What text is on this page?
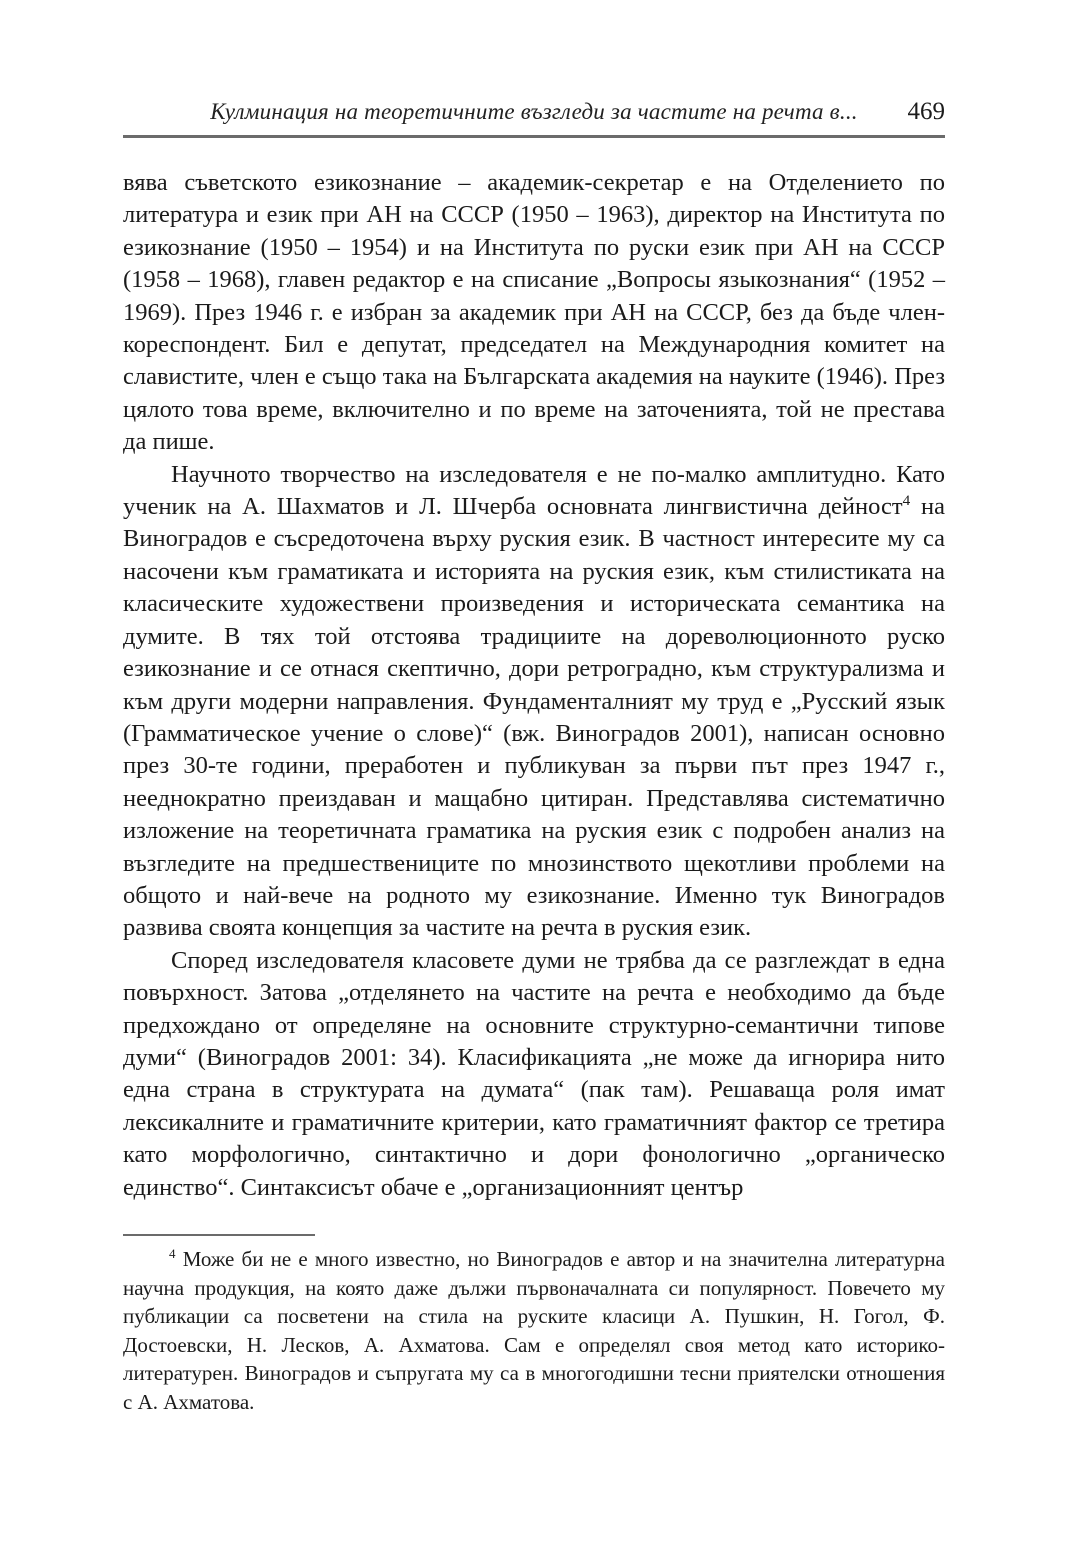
Кулминация на теоретичните възгледи за частите на речта в...	469

вява съветското езикознание – академик-секретар е на Отделението по литература и език при АН на СССР (1950 – 1963), директор на Института по езикознание (1950 – 1954) и на Института по руски език при АН на СССР (1958 – 1968), главен редактор е на списание „Вопросы языкознания“ (1952 – 1969). През 1946 г. е избран за академик при АН на СССР, без да бъде член-кореспондент. Бил е депутат, председател на Международния комитет на славистите, член е също така на Българската академия на науките (1946). През цялото това време, включително и по време на заточенията, той не престава да пише.

Научното творчество на изследователя е не по-малко амплитудно. Като ученик на А. Шахматов и Л. Шчерба основната лингвистична дейност$^4$ на Виноградов е съсредоточена върху руския език. В частност интересите му са насочени към граматиката и историята на руския език, към стилистиката на класическите художествени произведения и историческата семантика на думите. В тях той отстоява традициите на дореволюционното руско езикознание и се отнася скептично, дори ретроградно, към структурализма и към други модерни направления. Фундаменталният му труд е „Русский язык (Грамматическое учение о слове)“ (вж. Виноградов 2001), написан основно през 30-те години, преработен и публикуван за първи път през 1947 г., нееднократно преиздаван и мащабно цитиран. Представлява систематично изложение на теоретичната граматика на руския език с подробен анализ на възгледите на предшествениците по мнозинството щекотливи проблеми на общото и най-вече на родното му езикознание. Именно тук Виноградов развива своята концепция за частите на речта в руския език.

Според изследователя класовете думи не трябва да се разглеждат в една повърхност. Затова „отделянето на частите на речта е необходимо да бъде предхождано от определяне на основните структурно-семантични типове думи“ (Виноградов 2001: 34). Класификацията „не може да игнорира нито една страна в структурата на думата“ (пак там). Решаваща роля имат лексикалните и граматичните критерии, като граматичният фактор се третира като морфологично, синтактично и дори фонологично „органическо единство“. Синтаксисът обаче е „организационният център

$^4$ Може би не е много известно, но Виноградов е автор и на значителна литературна научна продукция, на която даже дължи първоначалната си популярност. Повечето му публикации са посветени на стила на руските класици А. Пушкин, Н. Гогол, Ф. Достоевски, Н. Лесков, А. Ахматова. Сам е определял своя метод като историко-литературен. Виноградов и съпругата му са в многогодишни тесни приятелски отношения с А. Ахматова.
